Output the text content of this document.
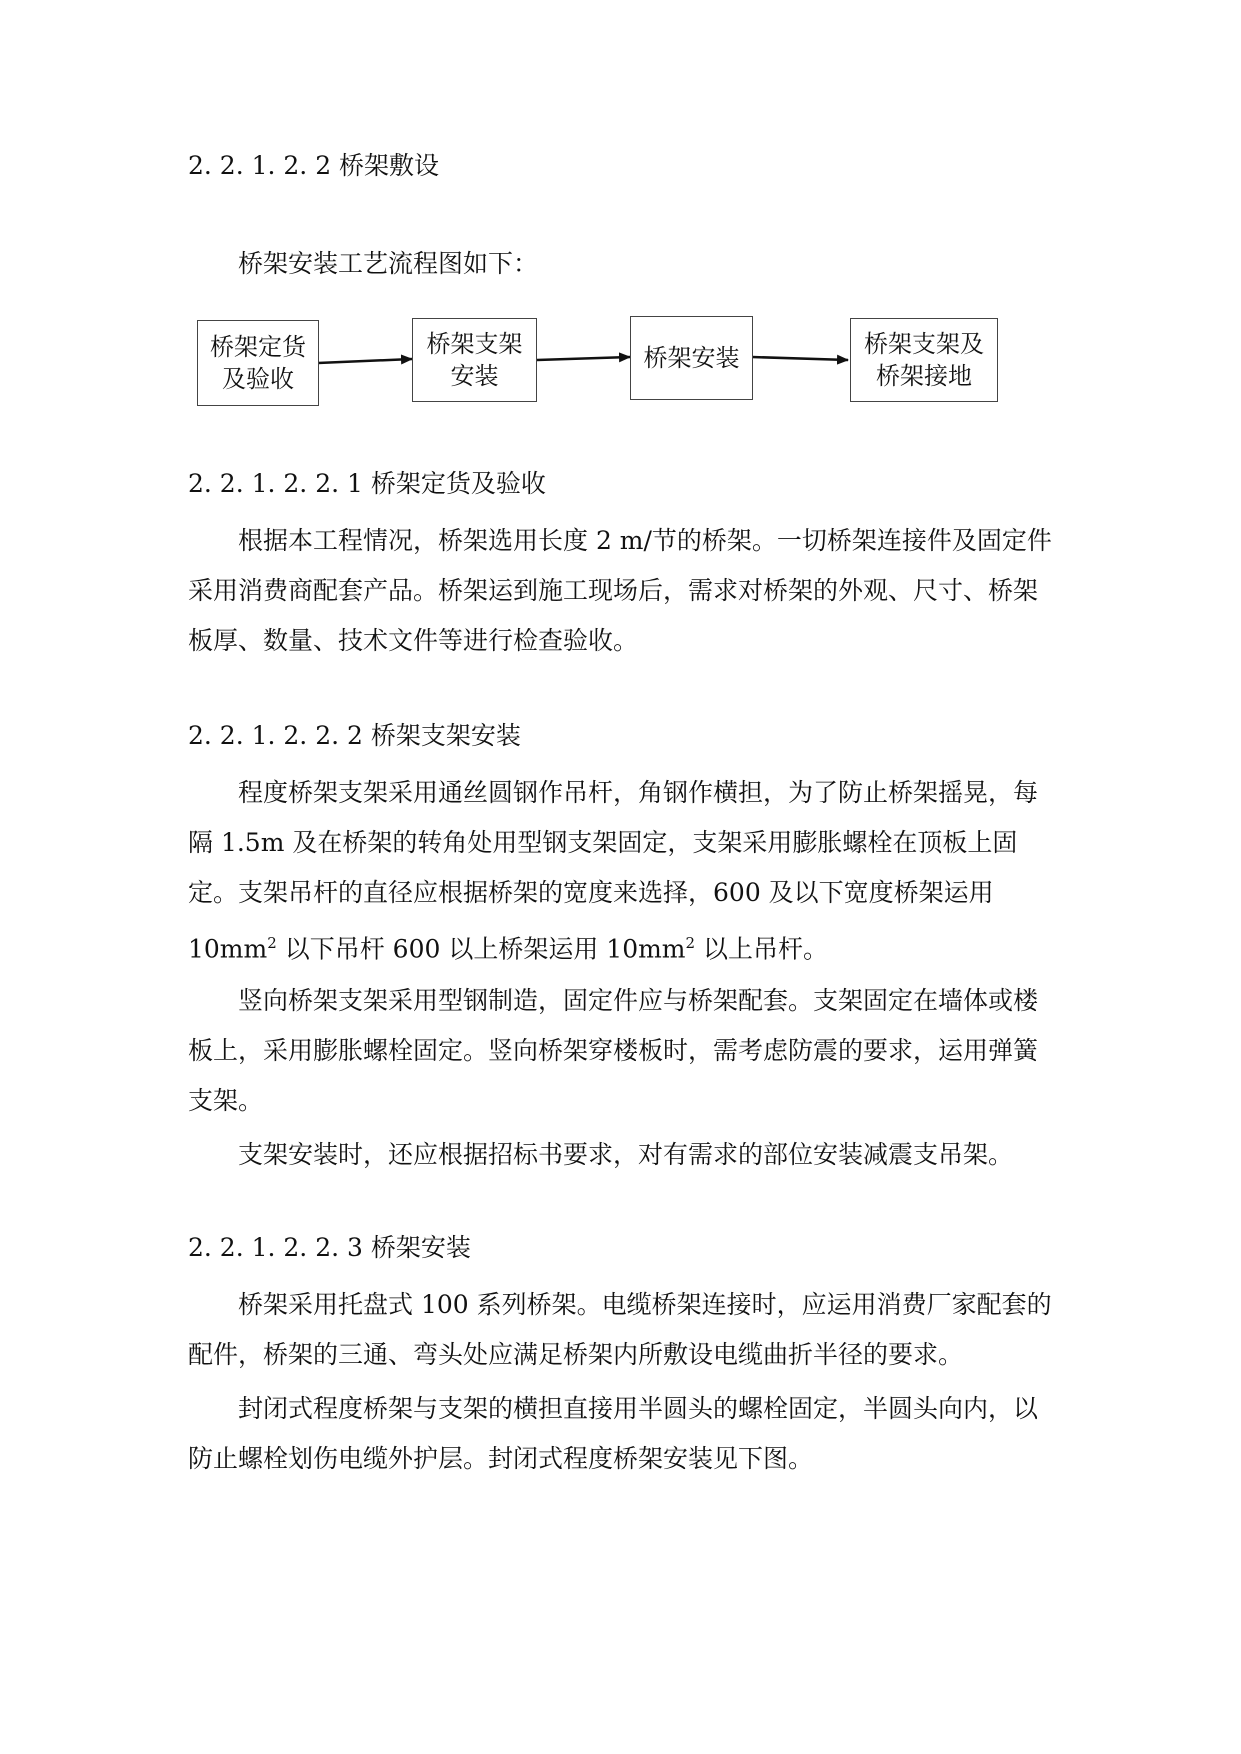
2. 2. 1. 2. 2 桥架敷设
桥架安装工艺流程图如下：
桥架定货
及验收
桥架支架
安装
桥架安装	桥架支架及
桥架接地
2. 2. 1. 2. 2. 1 桥架定货及验收
根据本工程情况，桥架选用长度 2 m/节的桥架。一切桥架连接件及固定件采用消费商配套产品。桥架运到施工现场后，需求对桥架的外观、尺寸、桥架板厚、数量、技术文件等进行检查验收。
2. 2. 1. 2. 2. 2 桥架支架安装
程度桥架支架采用通丝圆钢作吊杆，角钢作横担，为了防止桥架摇晃，每隔 1.5m 及在桥架的转角处用型钢支架固定，支架采用膨胀螺栓在顶板上固定。支架吊杆的直径应根据桥架的宽度来选择，600 及以下宽度桥架运用 $10mm^2$ 以下吊杆 600 以上桥架运用 $10mm^2$ 以上吊杆。
竖向桥架支架采用型钢制造，固定件应与桥架配套。支架固定在墙体或楼板上，采用膨胀螺栓固定。竖向桥架穿楼板时，需考虑防震的要求，运用弹簧支架。
支架安装时，还应根据招标书要求，对有需求的部位安装减震支吊架。
2. 2. 1. 2. 2. 3 桥架安装
桥架采用托盘式 100 系列桥架。电缆桥架连接时，应运用消费厂家配套的配件，桥架的三通、弯头处应满足桥架内所敷设电缆曲折半径的要求。
封闭式程度桥架与支架的横担直接用半圆头的螺栓固定，半圆头向内，以防止螺栓划伤电缆外护层。封闭式程度桥架安装见下图。
